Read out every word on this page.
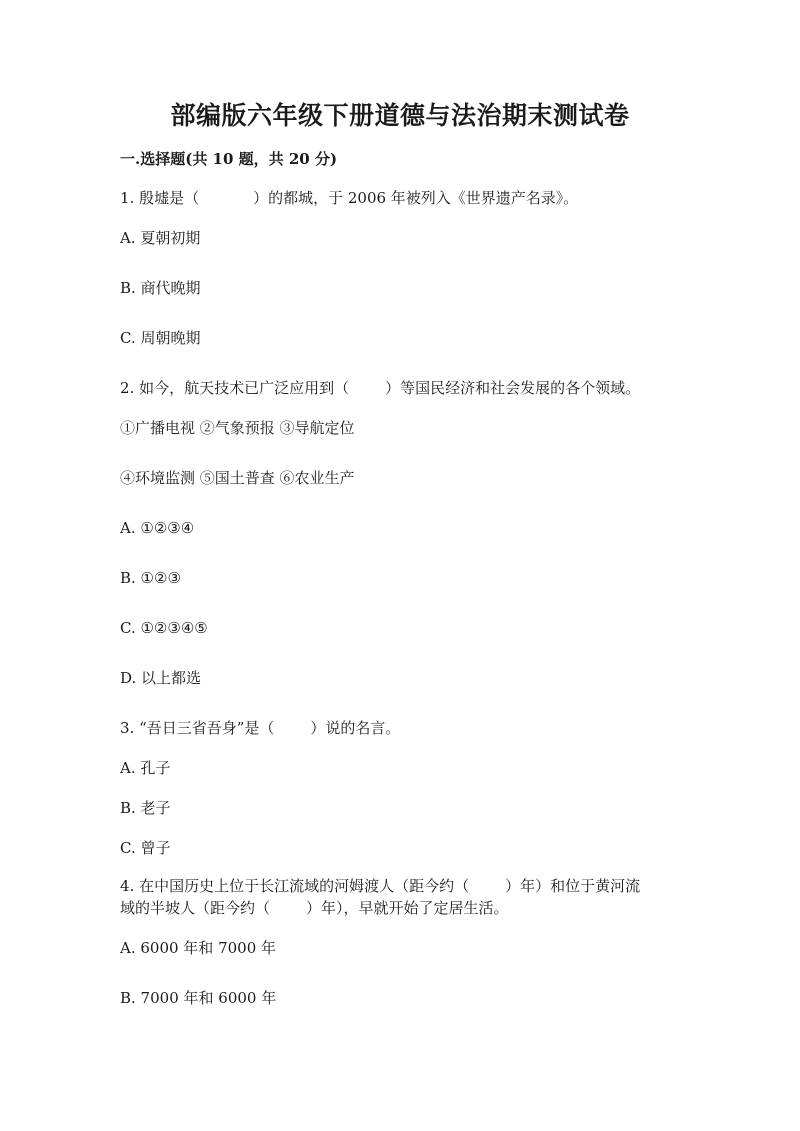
部编版六年级下册道德与法治期末测试卷
一.选择题(共 10 题，共 20 分)
1. 殷墟是（	）的都城，于 2006 年被列入《世界遗产名录》。
A. 夏朝初期
B. 商代晚期
C. 周朝晚期
2. 如今，航天技术已广泛应用到（ ）等国民经济和社会发展的各个领域。
①广播电视 ②气象预报 ③导航定位
④环境监测 ⑤国土普查 ⑥农业生产
A. ①②③④
B. ①②③
C. ①②③④⑤
D. 以上都选
3. “吾日三省吾身”是（ ）说的名言。
A. 孔子
B. 老子
C. 曾子
4. 在中国历史上位于长江流域的河姆渡人（距今约（ ）年）和位于黄河流
域的半坡人（距今约（ ）年），早就开始了定居生活。
A. 6000 年和 7000 年
B. 7000 年和 6000 年
